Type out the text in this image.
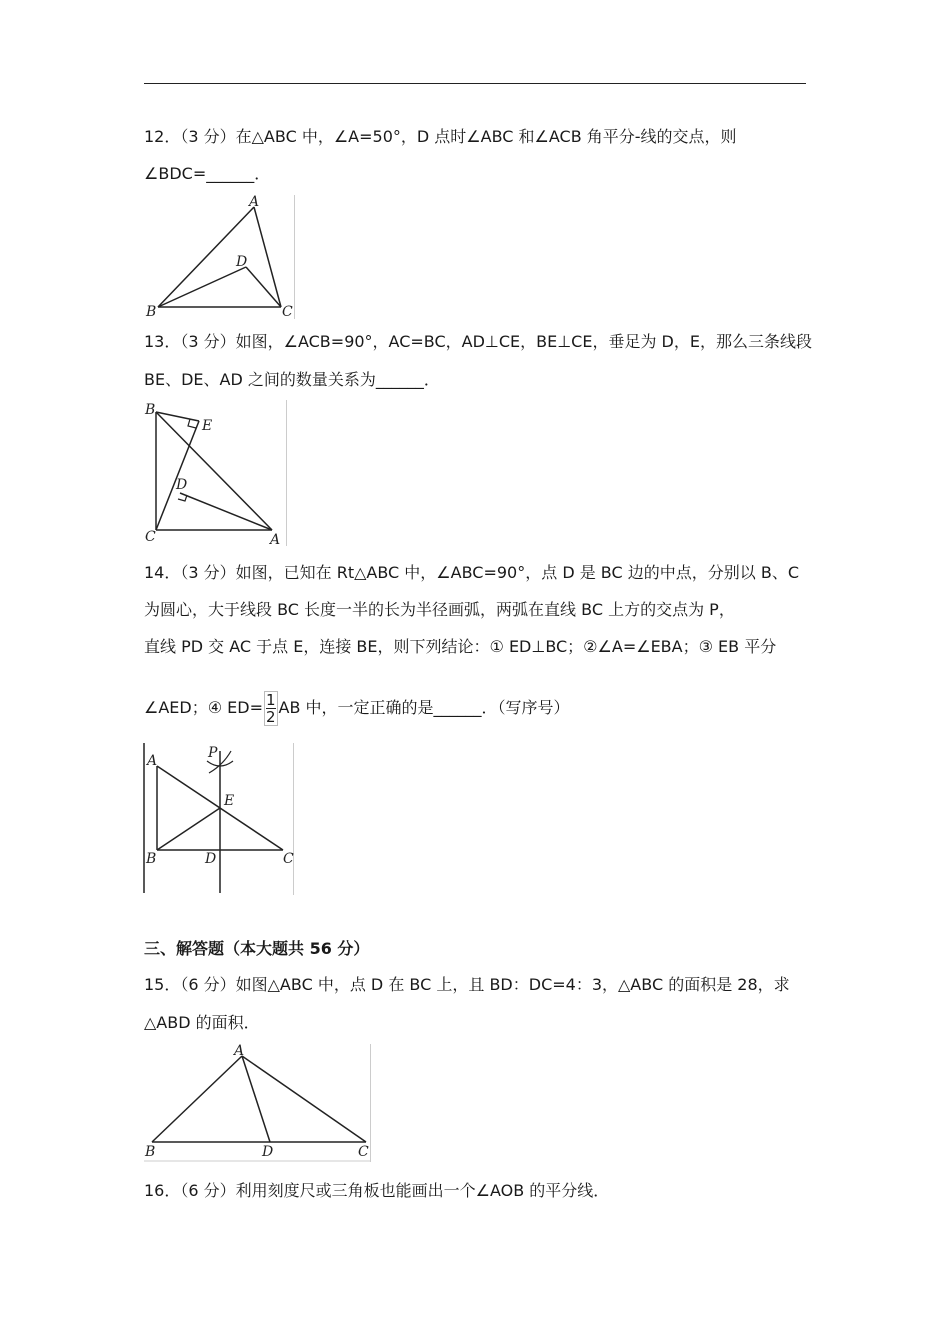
12．（3 分）在△ABC 中，∠A=50°，D 点时∠ABC 和∠ACB 角平分-线的交点，则
∠BDC=______．
A
B	C
D
13．（3 分）如图，∠ACB=90°，AC=BC，AD⊥CE，BE⊥CE，垂足为 D，E，那么三条线段
BE、DE、AD 之间的数量关系为______．
B
E
D
C	A
14．（3 分）如图，已知在 Rt△ABC 中，∠ABC=90°，点 D 是 BC 边的中点，分别以 B、C
为圆心，大于线段 BC 长度一半的长为半径画弧，两弧在直线 BC 上方的交点为 P，
直线 PD 交 AC 于点 E，连接 BE，则下列结论：① ED⊥BC；②∠A=∠EBA；③ EB 平分
∠AED；④ $ED= \frac{1}{2}$ AB 中，一定正确的是______．（写序号）
A
B	D	C
E
P
三、解答题（本大题共 56 分）
15．（6 分）如图△ABC 中，点 D 在 BC 上，且 BD：DC=4：3，△ABC 的面积是 28，求
△ABD 的面积．
A
B	D	C
16．（6 分）利用刻度尺或三角板也能画出一个∠AOB 的平分线．
